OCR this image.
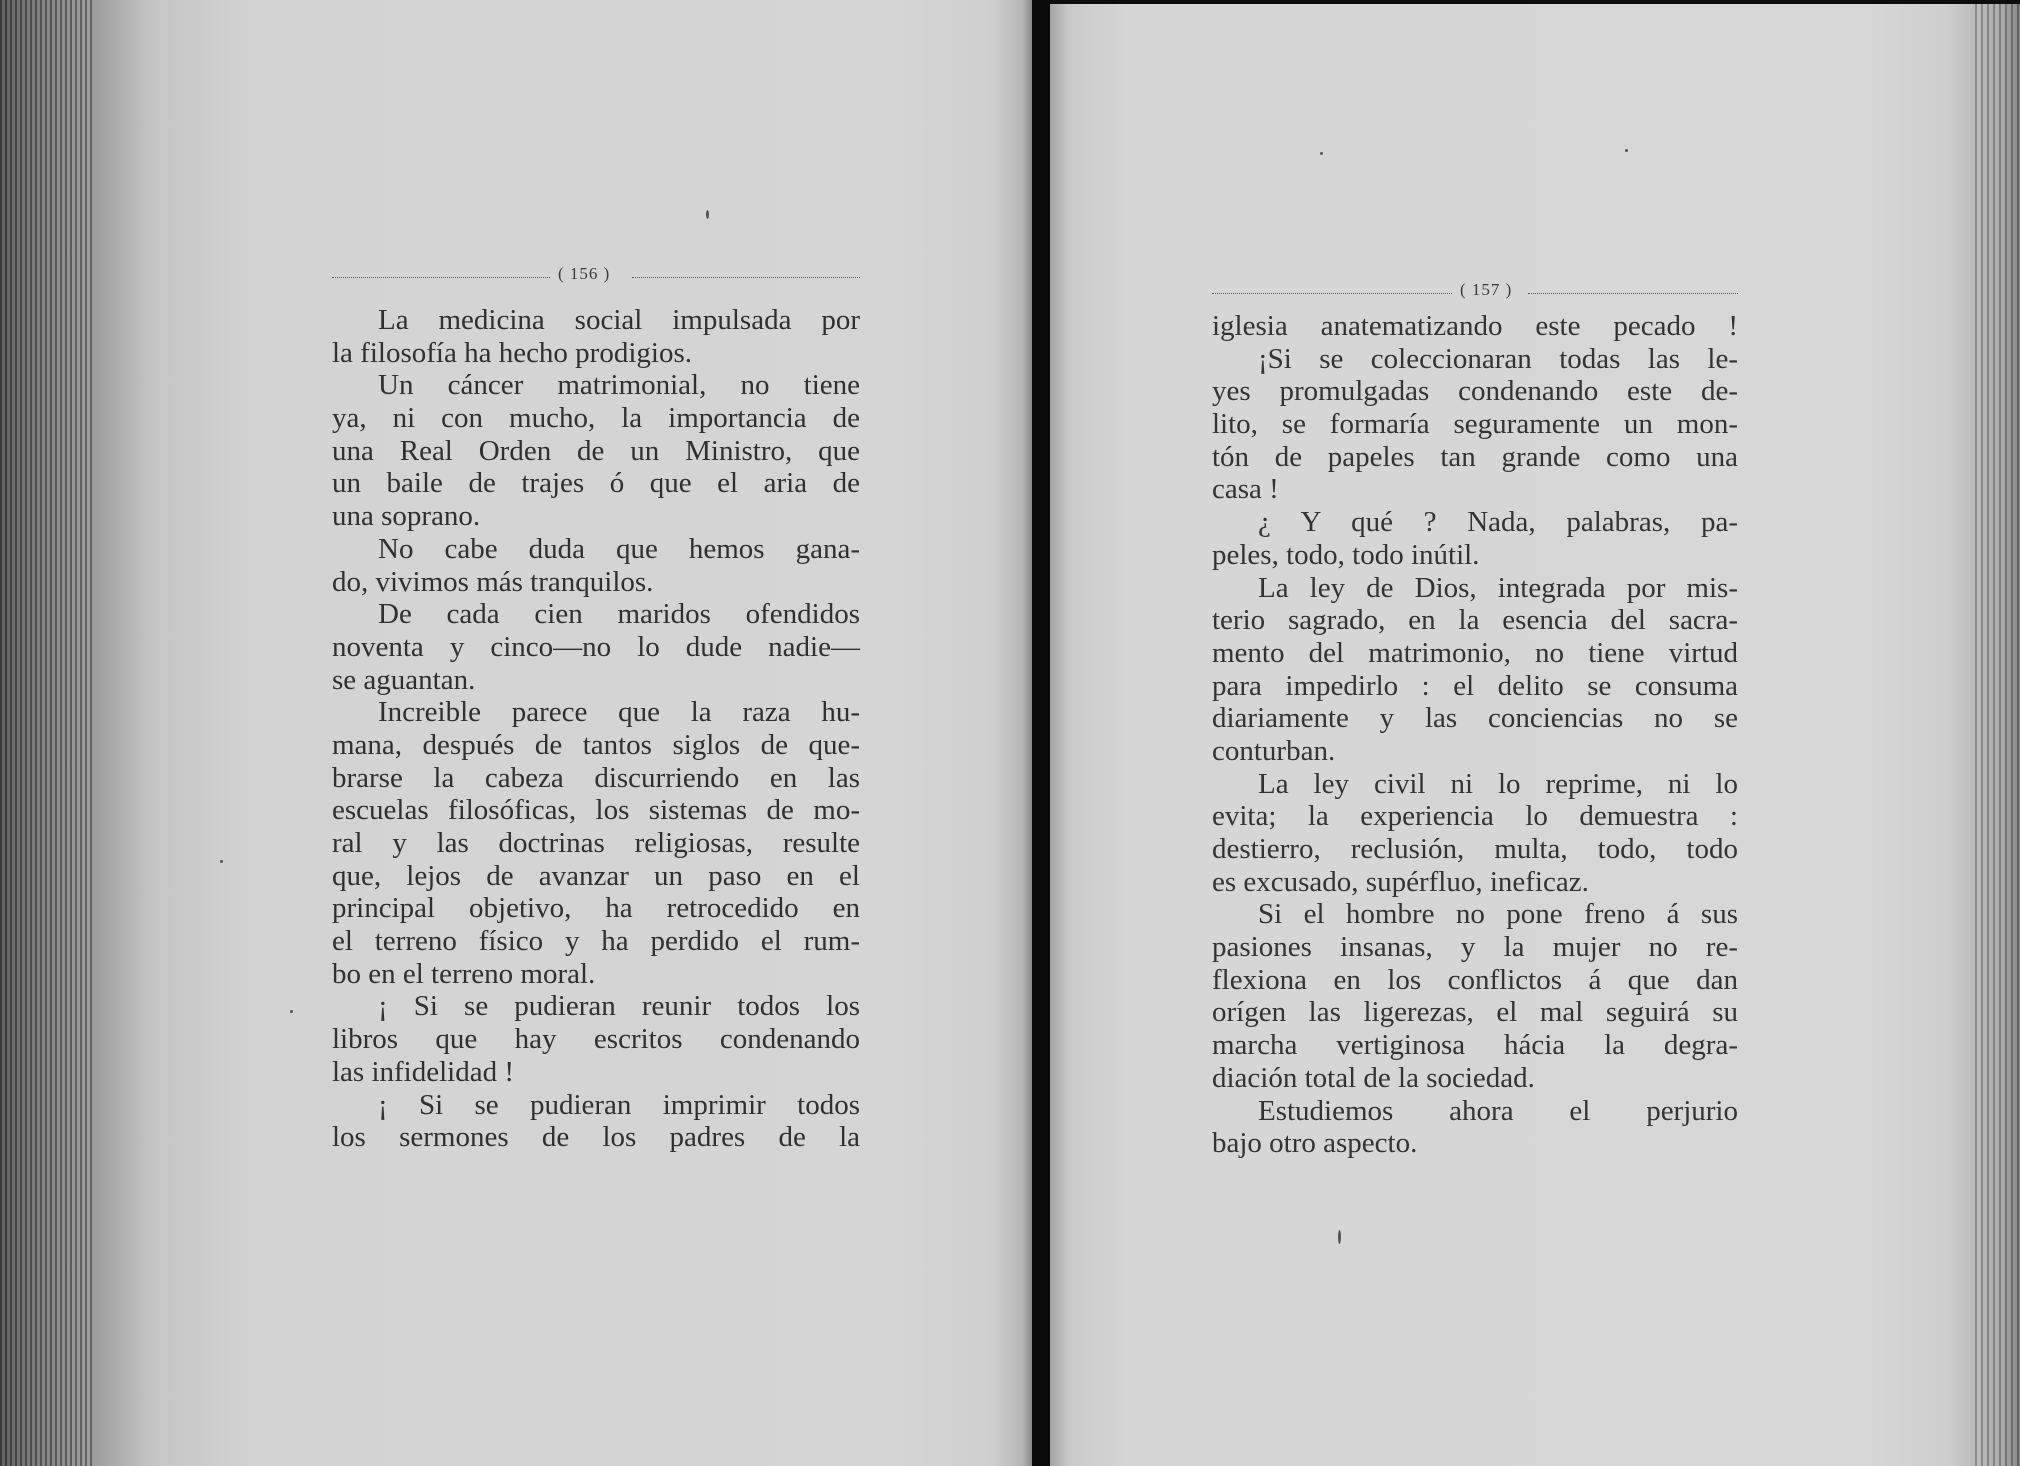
( 156 )
La medicina social impulsada por
la filosofía ha hecho prodigios.
Un cáncer matrimonial, no tiene
ya, ni con mucho, la importancia de
una Real Orden de un Ministro, que
un baile de trajes ó que el aria de
una soprano.
No cabe duda que hemos gana-
do, vivimos más tranquilos.
De cada cien maridos ofendidos
noventa y cinco—no lo dude nadie—
se aguantan.
Increible parece que la raza hu-
mana, después de tantos siglos de que-
brarse la cabeza discurriendo en las
escuelas filosóficas, los sistemas de mo-
ral y las doctrinas religiosas, resulte
que, lejos de avanzar un paso en el
principal objetivo, ha retrocedido en
el terreno físico y ha perdido el rum-
bo en el terreno moral.
¡ Si se pudieran reunir todos los
libros que hay escritos condenando
las infidelidad !
¡ Si se pudieran imprimir todos
los sermones de los padres de la
( 157 )
iglesia anatematizando este pecado !
¡Si se coleccionaran todas las le-
yes promulgadas condenando este de-
lito, se formaría seguramente un mon-
tón de papeles tan grande como una
casa !
¿ Y qué ? Nada, palabras, pa-
peles, todo, todo inútil.
La ley de Dios, integrada por mis-
terio sagrado, en la esencia del sacra-
mento del matrimonio, no tiene virtud
para impedirlo : el delito se consuma
diariamente y las conciencias no se
conturban.
La ley civil ni lo reprime, ni lo
evita; la experiencia lo demuestra :
destierro, reclusión, multa, todo, todo
es excusado, supérfluo, ineficaz.
Si el hombre no pone freno á sus
pasiones insanas, y la mujer no re-
flexiona en los conflictos á que dan
orígen las ligerezas, el mal seguirá su
marcha vertiginosa hácia la degra-
diación total de la sociedad.
Estudiemos ahora el perjurio
bajo otro aspecto.
